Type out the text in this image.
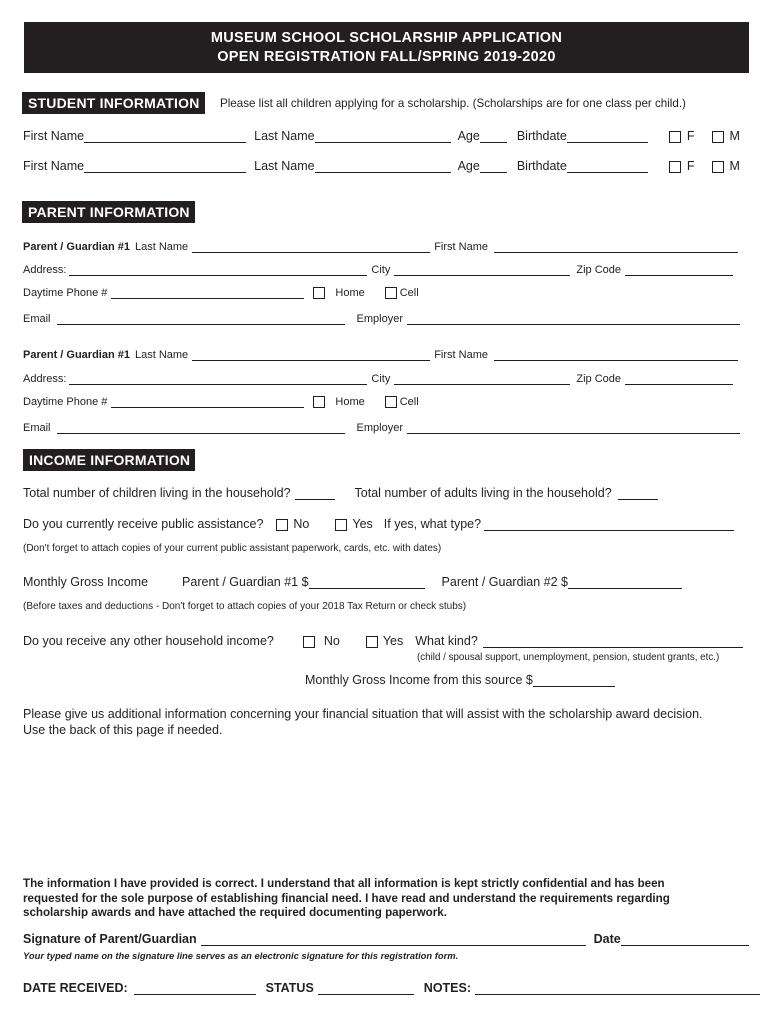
MUSEUM SCHOOL SCHOLARSHIP APPLICATION
OPEN REGISTRATION FALL/SPRING 2019-2020
STUDENT INFORMATION	Please list all children applying for a scholarship. (Scholarships are for one class per child.)
First Name	Last Name	Age	Birthdate	F	M
First Name	Last Name	Age	Birthdate	F	M
PARENT INFORMATION
Parent / Guardian #1 Last Name	First Name
Address:	City	Zip Code
Daytime Phone #	Home	Cell
Email	Employer
Parent / Guardian #1 Last Name	First Name
Address:	City	Zip Code
Daytime Phone #	Home	Cell
Email	Employer
INCOME INFORMATION
Total number of children living in the household?	Total number of adults living in the household?
Do you currently receive public assistance? No	Yes If yes, what type?
(Don't forget to attach copies of your current public assistant paperwork, cards, etc. with dates)
Monthly Gross Income	Parent / Guardian #1 $	Parent / Guardian #2 $
(Before taxes and deductions - Don't forget to attach copies of your 2018 Tax Return or check stubs)
Do you receive any other household income?	No	Yes What kind?
(child / spousal support, unemployment, pension, student grants, etc.)
Monthly Gross Income from this source $
Please give us additional information concerning your financial situation that will assist with the scholarship award decision.
Use the back of this page if needed.
The information I have provided is correct. I understand that all information is kept strictly confidential and has been
requested for the sole purpose of establishing financial need. I have read and understand the requirements regarding
scholarship awards and have attached the required documenting paperwork.
Signature of Parent/Guardian	Date
Your typed name on the signature line serves as an electronic signature for this registration form.
DATE RECEIVED:	STATUS	NOTES:
